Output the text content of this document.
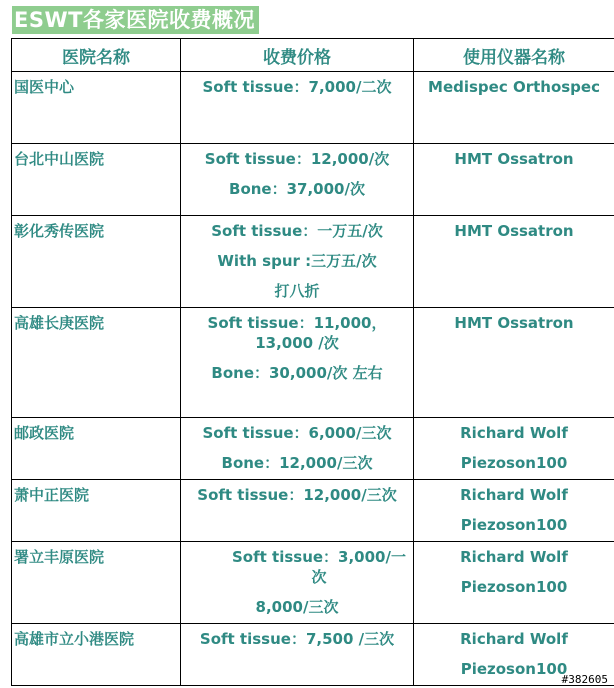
ESWT各家医院收费概况
医院名称	收费价格	使用仪器名称
国医中心	Soft tissue：7,000/二次	Medispec Orthospec

台北中山医院	Soft tissue：12,000/次
Bone：37,000/次	HMT Ossatron

彰化秀传医院	Soft tissue：一万五/次
With spur :三万五/次
打八折	HMT Ossatron

高雄长庚医院	Soft tissue：11,000，13,000 /次
Bone：30,000/次 左右	HMT Ossatron

邮政医院	Soft tissue：6,000/三次
Bone：12,000/三次	Richard Wolf
Piezoson100

萧中正医院	Soft tissue：12,000/三次	Richard Wolf
Piezoson100

署立丰原医院	Soft tissue：3,000/一次
8,000/三次	Richard Wolf
Piezoson100

高雄市立小港医院	Soft tissue：7,500 /三次	Richard Wolf
Piezoson100
#382605
